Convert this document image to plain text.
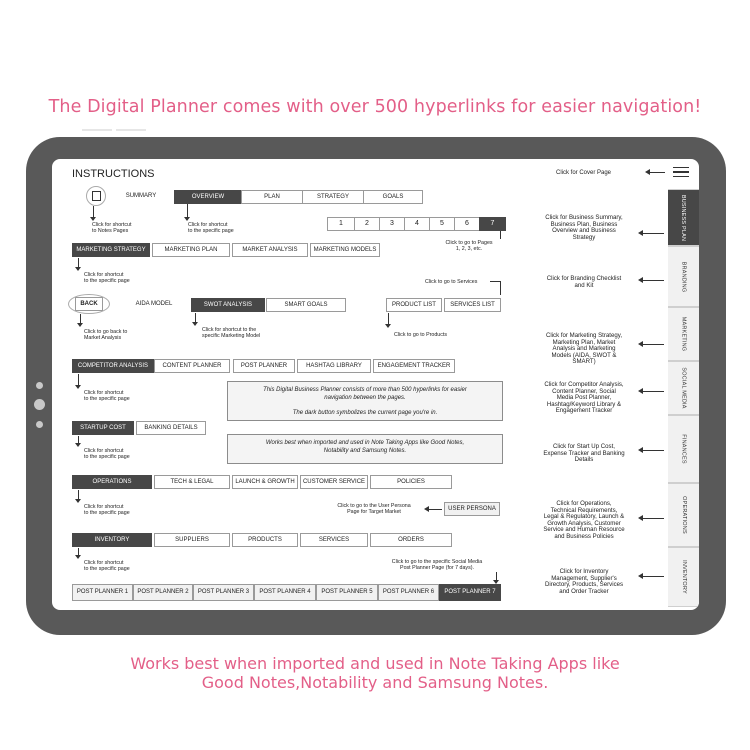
The Digital Planner comes with over 500 hyperlinks for easier navigation!
INSTRUCTIONS	Click for Cover Page
SUMMARY	OVERVIEW	PLAN	STRATEGY	GOALS
Click for shortcut
to Notes Pages
Click for shortcut
to the specific page
1	2	3	4	5	6	7
Click to go to Pages
1, 2, 3, etc.
MARKETING STRATEGY	MARKETING PLAN	MARKET ANALYSIS	MARKETING MODELS
Click for shortcut
to the specific page	Click to go to Services
BACK	AIDA MODEL	SWOT ANALYSIS	SMART GOALS	PRODUCT LIST	SERVICES LIST
Click to go back to
Market Analysis
Click for shortcut to the
specific Marketing Model	Click to go to Products
COMPETITOR ANALYSIS	CONTENT PLANNER	POST PLANNER	HASHTAG LIBRARY	ENGAGEMENT TRACKER
Click for shortcut
to the specific page
This Digital Business Planner consists of more than 500 hyperlinks for easier
navigation between the pages.

The dark button symbolizes the current page you're in.
STARTUP COST	BANKING DETAILS
Click for shortcut
to the specific page
Works best when imported and used in Note Taking Apps like Good Notes,
Notability and Samsung Notes.
OPERATIONS	TECH & LEGAL	LAUNCH & GROWTH	CUSTOMER SERVICE	POLICIES
Click for shortcut
to the specific page
Click to go to the User Persona
Page for Target Market
USER PERSONA
INVENTORY	SUPPLIERS	PRODUCTS	SERVICES	ORDERS
Click for shortcut
to the specific page
Click to go to the specific Social Media
Post Planner Page (for 7 days).
POST PLANNER 1	POST PLANNER 2	POST PLANNER 3	POST PLANNER 4	POST PLANNER 5	POST PLANNER 6	POST PLANNER 7
Click for Business Summary,
Business Plan, Business
Overview and Business
Strategy
Click for Branding Checklist
and Kit
Click for Marketing Strategy,
Marketing Plan, Market
Analysis and Marketing
Models (AIDA, SWOT &
SMART)
Click for Competitor Analysis,
Content Planner, Social
Media Post Planner,
Hashtag/Keyword Library &
Engagement Tracker
Click for Start Up Cost,
Expense Tracker and Banking
Details
Click for Operations,
Technical Requirements,
Legal & Regulatory, Launch &
Growth Analysis, Customer
Service and Human Resource
and Business Policies
Click for Inventory
Management, Supplier's
Directory, Products, Services
and Order Tracker
BUSINESS PLAN
BRANDING
MARKETING
SOCIAL MEDIA
FINANCES
OPERATIONS
INVENTORY
Works best when imported and used in Note Taking Apps like
Good Notes,Notability and Samsung Notes.
